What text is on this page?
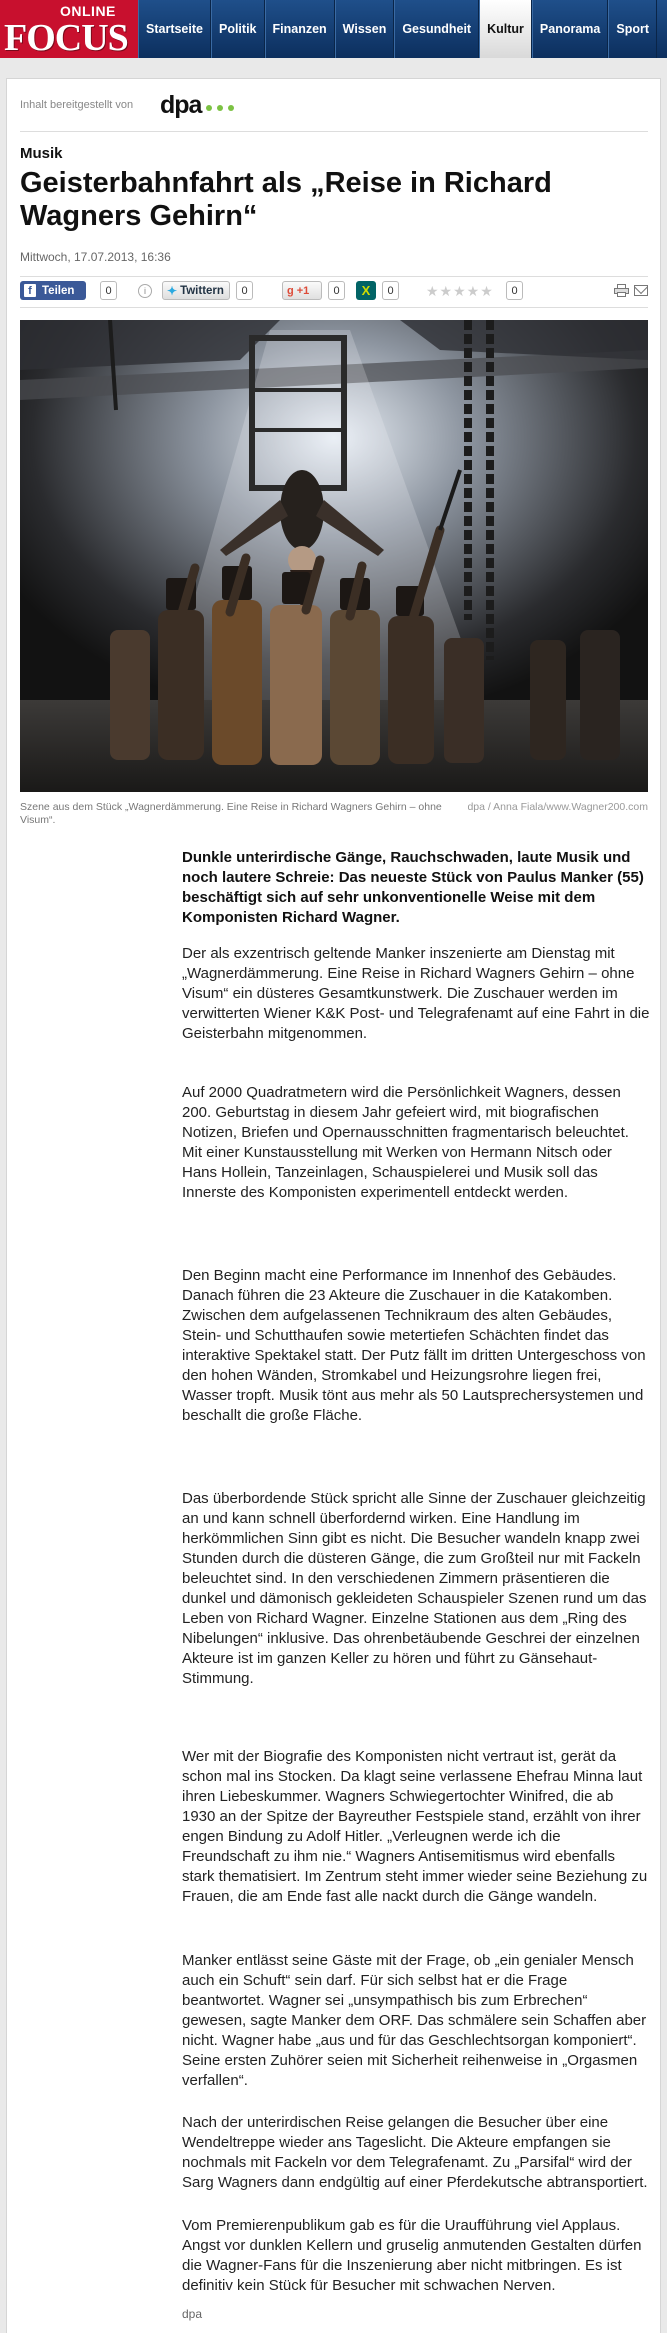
ONLINE
FOCUS	Startseite	Politik	Finanzen	Wissen	Gesundheit	Kultur	Panorama	Sport
Inhalt bereitgestellt von dpa
Musik
Geisterbahnfahrt als „Reise in Richard Wagners Gehirn“
Mittwoch, 17.07.2013, 16:36
f Teilen	0	i	✦ Twittern	0	g +1	0	X	0	★★★★★	0
Szene aus dem Stück „Wagnerdämmerung. Eine Reise in Richard Wagners Gehirn – ohne Visum“.
dpa / Anna Fiala/www.Wagner200.com

Dunkle unterirdische Gänge, Rauchschwaden, laute Musik und noch lautere Schreie: Das neueste Stück von Paulus Manker (55) beschäftigt sich auf sehr unkonventionelle Weise mit dem Komponisten Richard Wagner.

Der als exzentrisch geltende Manker inszenierte am Dienstag mit „Wagnerdämmerung. Eine Reise in Richard Wagners Gehirn – ohne Visum“ ein düsteres Gesamtkunstwerk. Die Zuschauer werden im verwitterten Wiener K&K Post- und Telegrafenamt auf eine Fahrt in die Geisterbahn mitgenommen.

Auf 2000 Quadratmetern wird die Persönlichkeit Wagners, dessen 200. Geburtstag in diesem Jahr gefeiert wird, mit biografischen Notizen, Briefen und Opernausschnitten fragmentarisch beleuchtet. Mit einer Kunstausstellung mit Werken von Hermann Nitsch oder Hans Hollein, Tanzeinlagen, Schauspielerei und Musik soll das Innerste des Komponisten experimentell entdeckt werden.

Den Beginn macht eine Performance im Innenhof des Gebäudes. Danach führen die 23 Akteure die Zuschauer in die Katakomben. Zwischen dem aufgelassenen Technikraum des alten Gebäudes, Stein- und Schutthaufen sowie metertiefen Schächten findet das interaktive Spektakel statt. Der Putz fällt im dritten Untergeschoss von den hohen Wänden, Stromkabel und Heizungsrohre liegen frei, Wasser tropft. Musik tönt aus mehr als 50 Lautsprechersystemen und beschallt die große Fläche.

Das überbordende Stück spricht alle Sinne der Zuschauer gleichzeitig an und kann schnell überfordernd wirken. Eine Handlung im herkömmlichen Sinn gibt es nicht. Die Besucher wandeln knapp zwei Stunden durch die düsteren Gänge, die zum Großteil nur mit Fackeln beleuchtet sind. In den verschiedenen Zimmern präsentieren die dunkel und dämonisch gekleideten Schauspieler Szenen rund um das Leben von Richard Wagner. Einzelne Stationen aus dem „Ring des Nibelungen“ inklusive. Das ohrenbetäubende Geschrei der einzelnen Akteure ist im ganzen Keller zu hören und führt zu Gänsehaut-Stimmung.

Wer mit der Biografie des Komponisten nicht vertraut ist, gerät da schon mal ins Stocken. Da klagt seine verlassene Ehefrau Minna laut ihren Liebeskummer. Wagners Schwiegertochter Winifred, die ab 1930 an der Spitze der Bayreuther Festspiele stand, erzählt von ihrer engen Bindung zu Adolf Hitler. „Verleugnen werde ich die Freundschaft zu ihm nie.“ Wagners Antisemitismus wird ebenfalls stark thematisiert. Im Zentrum steht immer wieder seine Beziehung zu Frauen, die am Ende fast alle nackt durch die Gänge wandeln.

Manker entlässt seine Gäste mit der Frage, ob „ein genialer Mensch auch ein Schuft“ sein darf. Für sich selbst hat er die Frage beantwortet. Wagner sei „unsympathisch bis zum Erbrechen“ gewesen, sagte Manker dem ORF. Das schmälere sein Schaffen aber nicht. Wagner habe „aus und für das Geschlechtsorgan komponiert“. Seine ersten Zuhörer seien mit Sicherheit reihenweise in „Orgasmen verfallen“.

Nach der unterirdischen Reise gelangen die Besucher über eine Wendeltreppe wieder ans Tageslicht. Die Akteure empfangen sie nochmals mit Fackeln vor dem Telegrafenamt. Zu „Parsifal“ wird der Sarg Wagners dann endgültig auf einer Pferdekutsche abtransportiert.

Vom Premierenpublikum gab es für die Uraufführung viel Applaus. Angst vor dunklen Kellern und gruselig anmutenden Gestalten dürfen die Wagner-Fans für die Inszenierung aber nicht mitbringen. Es ist definitiv kein Stück für Besucher mit schwachen Nerven.

dpa
